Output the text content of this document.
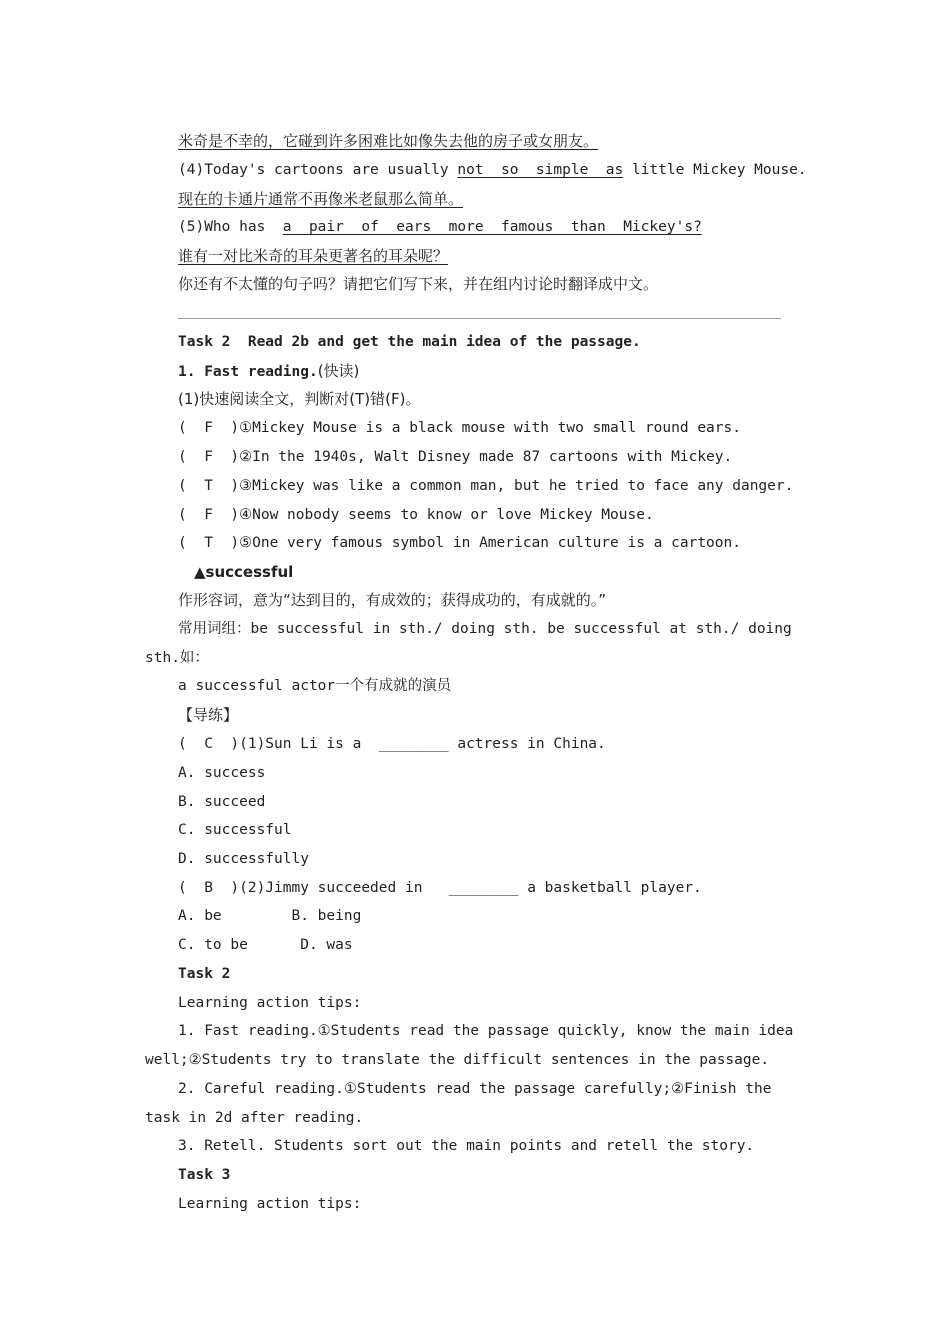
米奇是不幸的，它碰到许多困难比如像失去他的房子或女朋友。
(4)Today's cartoons are usually not  so  simple  as little Mickey Mouse.
现在的卡通片通常不再像米老鼠那么简单。
(5)Who has  a  pair  of  ears  more  famous  than  Mickey's?
谁有一对比米奇的耳朵更著名的耳朵呢？
你还有不太懂的句子吗？请把它们写下来，并在组内讨论时翻译成中文。
Task 2  Read 2b and get the main idea of the passage.
1. Fast reading.(快读)
(1)快速阅读全文，判断对(T)错(F)。
(  F  )①Mickey Mouse is a black mouse with two small round ears.
(  F  )②In the 1940s, Walt Disney made 87 cartoons with Mickey.
(  T  )③Mickey was like a common man, but he tried to face any danger.
(  F  )④Now nobody seems to know or love Mickey Mouse.
(  T  )⑤One very famous symbol in American culture is a cartoon.
▲successful
作形容词，意为“达到目的，有成效的；获得成功的，有成就的。”
常用词组：be successful in sth./ doing sth. be successful at sth./ doing
sth.如：
a successful actor一个有成就的演员
【导练】
(  C  )(1)Sun Li is a  ________ actress in China.
A. success
B. succeed
C. successful
D. successfully
(  B  )(2)Jimmy succeeded in   ________ a basketball player.
A. be        B. being
C. to be      D. was
Task 2
Learning action tips:
1. Fast reading.①Students read the passage quickly, know the main idea
well;②Students try to translate the difficult sentences in the passage.
2. Careful reading.①Students read the passage carefully;②Finish the
task in 2d after reading.
3. Retell. Students sort out the main points and retell the story.
Task 3
Learning action tips:
